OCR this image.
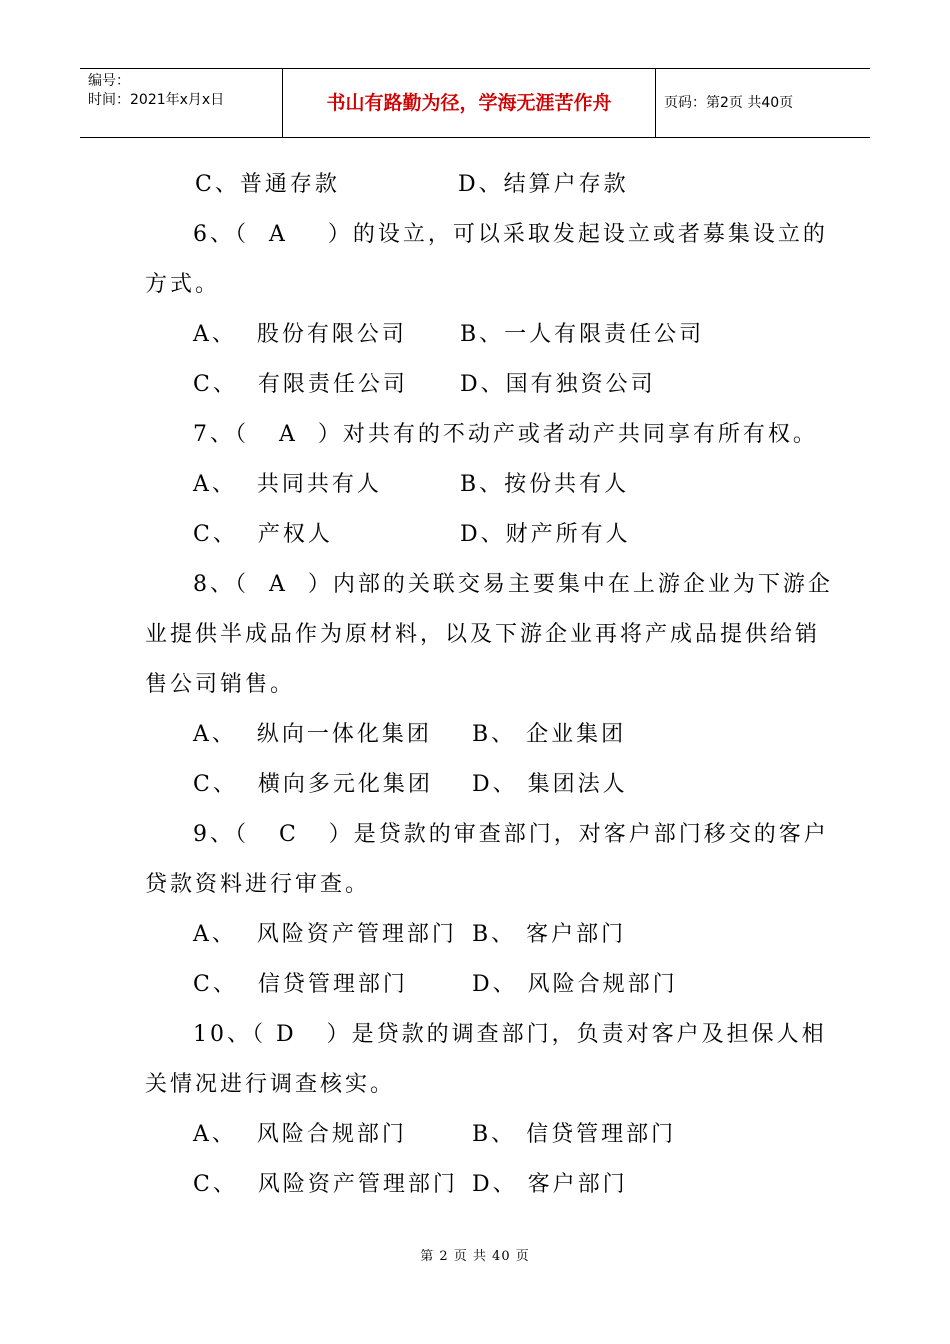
编号：
时间：2021年x月x日	书山有路勤为径，学海无涯苦作舟	页码：第2页 共40页
C、普通存款	D、结算户存款
6、（  A    ）的设立，可以采取发起设立或者募集设立的
方式。
A、  股份有限公司 B、一人有限责任公司
C、  有限责任公司 D、国有独资公司
7、（   A  ）对共有的不动产或者动产共同享有所有权。
A、  共同共有人	B、按份共有人
C、  产权人	D、财产所有人
8、（  A  ）内部的关联交易主要集中在上游企业为下游企
业提供半成品作为原材料，以及下游企业再将产成品提供给销
售公司销售。
A、  纵向一体化集团 B、 企业集团
C、  横向多元化集团 D、 集团法人
9、（   C   ）是贷款的审查部门，对客户部门移交的客户
贷款资料进行审查。
A、  风险资产管理部门 B、 客户部门
C、  信贷管理部门	D、 风险合规部门
10、（ D   ）是贷款的调查部门，负责对客户及担保人相
关情况进行调查核实。
A、  风险合规部门	B、 信贷管理部门
C、  风险资产管理部门 D、 客户部门
第 2 页 共 40 页
